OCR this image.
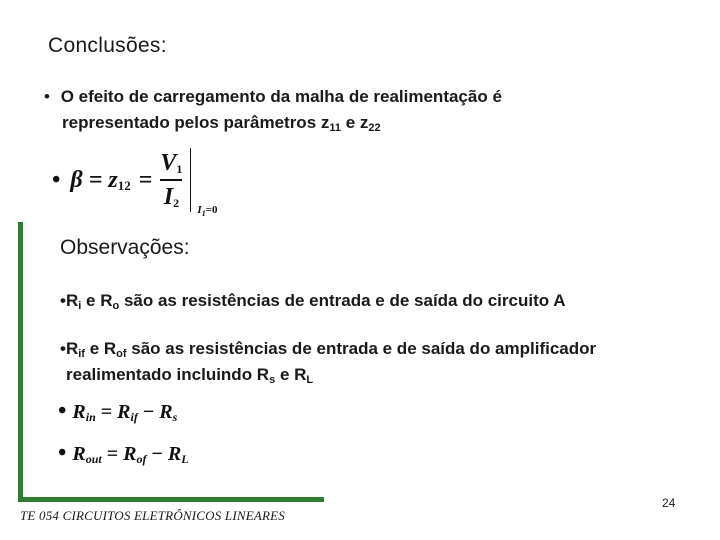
Conclusões:
• O efeito de carregamento da malha de realimentação é
representado pelos parâmetros $z_{11}$ e $z_{22}$
• $\beta = z_{12} = \frac{V_1}{I_2}$
$I_1=0$
Observações:
$•R_i$ e $R_o$ são as resistências de entrada e de saída do circuito A
$•R_{if}$ e $R_{of}$ são as resistências de entrada e de saída do amplificador
realimentado incluindo $R_s$ e $R_L$
• $R_{in} = R_{if} - R_s$
• $R_{out} = R_{of} - R_L$
TE 054 CIRCUITOS ELETRÔNICOS LINEARES
24
